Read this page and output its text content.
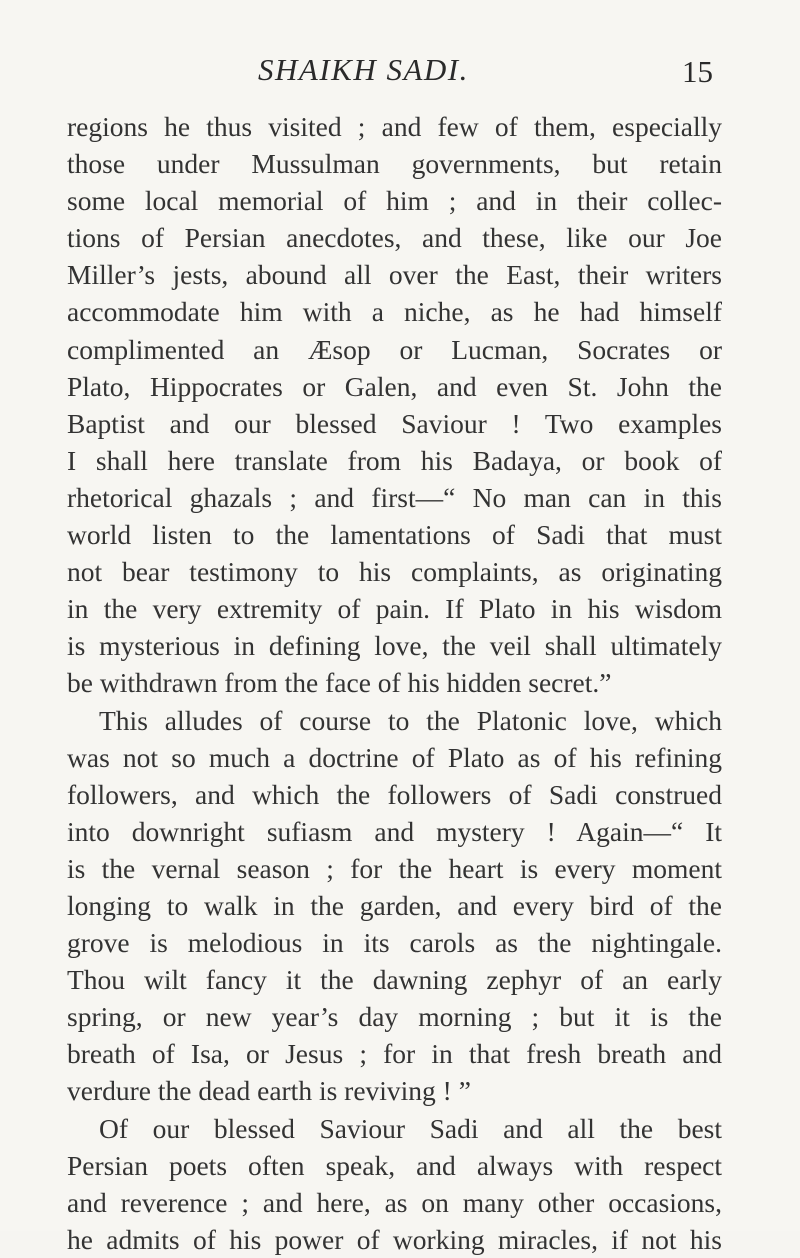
SHAIKH SADI.	15
regions he thus visited ; and few of them, especially
those under Mussulman governments, but retain
some local memorial of him ; and in their collec-
tions of Persian anecdotes, and these, like our Joe
Miller’s jests, abound all over the East, their writers
accommodate him with a niche, as he had himself
complimented an Æsop or Lucman, Socrates or
Plato, Hippocrates or Galen, and even St. John the
Baptist and our blessed Saviour ! Two examples
I shall here translate from his Badaya, or book of
rhetorical ghazals ; and first—“ No man can in this
world listen to the lamentations of Sadi that must
not bear testimony to his complaints, as originating
in the very extremity of pain. If Plato in his wisdom
is mysterious in defining love, the veil shall ultimately
be withdrawn from the face of his hidden secret.”
This alludes of course to the Platonic love, which
was not so much a doctrine of Plato as of his refining
followers, and which the followers of Sadi construed
into downright sufiasm and mystery ! Again—“ It
is the vernal season ; for the heart is every moment
longing to walk in the garden, and every bird of the
grove is melodious in its carols as the nightingale.
Thou wilt fancy it the dawning zephyr of an early
spring, or new year’s day morning ; but it is the
breath of Isa, or Jesus ; for in that fresh breath and
verdure the dead earth is reviving ! ”
Of our blessed Saviour Sadi and all the best
Persian poets often speak, and always with respect
and reverence ; and here, as on many other occasions,
he admits of his power of working miracles, if not his
